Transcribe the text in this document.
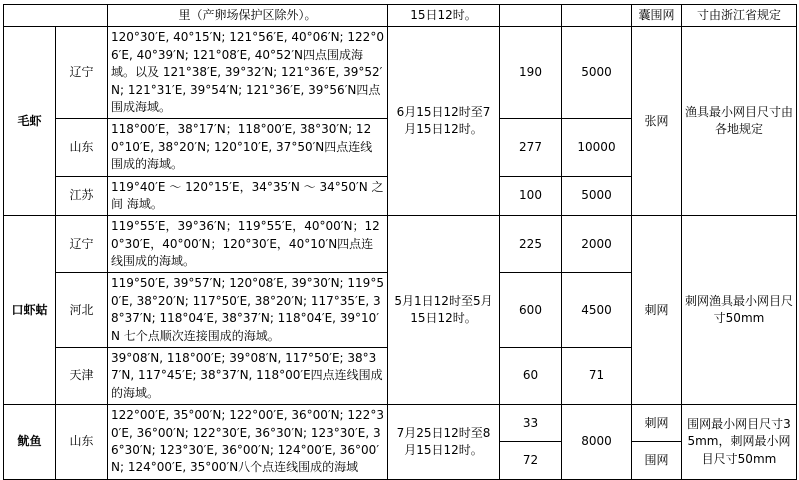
		里（产卵场保护区除外）。	15日12时。			囊围网	寸由浙江省规定
毛虾	辽宁	120°30′E, 40°15′N; 121°56′E, 40°06′N; 122°06′E, 40°39′N; 121°08′E, 40°52′N四点围成海域。以及 121°38′E, 39°32′N; 121°36′E, 39°52′N; 121°31′E, 39°54′N; 121°36′E, 39°56′N四点围成海域。	6月15日12时至7月15日12时。	190	5000	张网	渔具最小网目尺寸由各地规定
	山东	118°00′E，38°17′N；118°00′E, 38°30′N; 120°10′E, 38°20′N; 120°10′E, 37°50′N四点连线围成的海域。		277	10000		
	江苏	119°40′E ～ 120°15′E，34°35′N ～ 34°50′N 之间 海域。		100	5000		
口虾蛄	辽宁	119°55′E，39°36′N；119°55′E，40°00′N；120°30′E，40°00′N；120°30′E，40°10′N四点连线围成的海域。	5月1日12时至5月15日12时。	225	2000	刺网	刺网渔具最小网目尺寸50mm
	河北	119°50′E, 39°57′N; 120°08′E, 39°30′N; 119°50′E, 38°20′N; 117°50′E, 38°20′N; 117°35′E, 38°37′N; 118°04′E, 38°37′N; 118°04′E, 39°10′N 七个点顺次连接围成的海域。		600	4500		
	天津	39°08′N, 118°00′E; 39°08′N, 117°50′E; 38°37′N, 117°45′E; 38°37′N, 118°00′E四点连线围成的海域。		60	71		
鱿鱼	山东	122°00′E, 35°00′N; 122°00′E, 36°00′N; 122°30′E, 36°00′N; 122°30′E, 36°30′N; 123°30′E, 36°30′N; 123°30′E, 36°00′N; 124°00′E, 36°00′N; 124°00′E, 35°00′N八个点连线围成的海域	7月25日12时至8月15日12时。	33	8000	刺网	围网最小网目尺寸35mm，刺网最小网目尺寸50mm
				72		围网	
